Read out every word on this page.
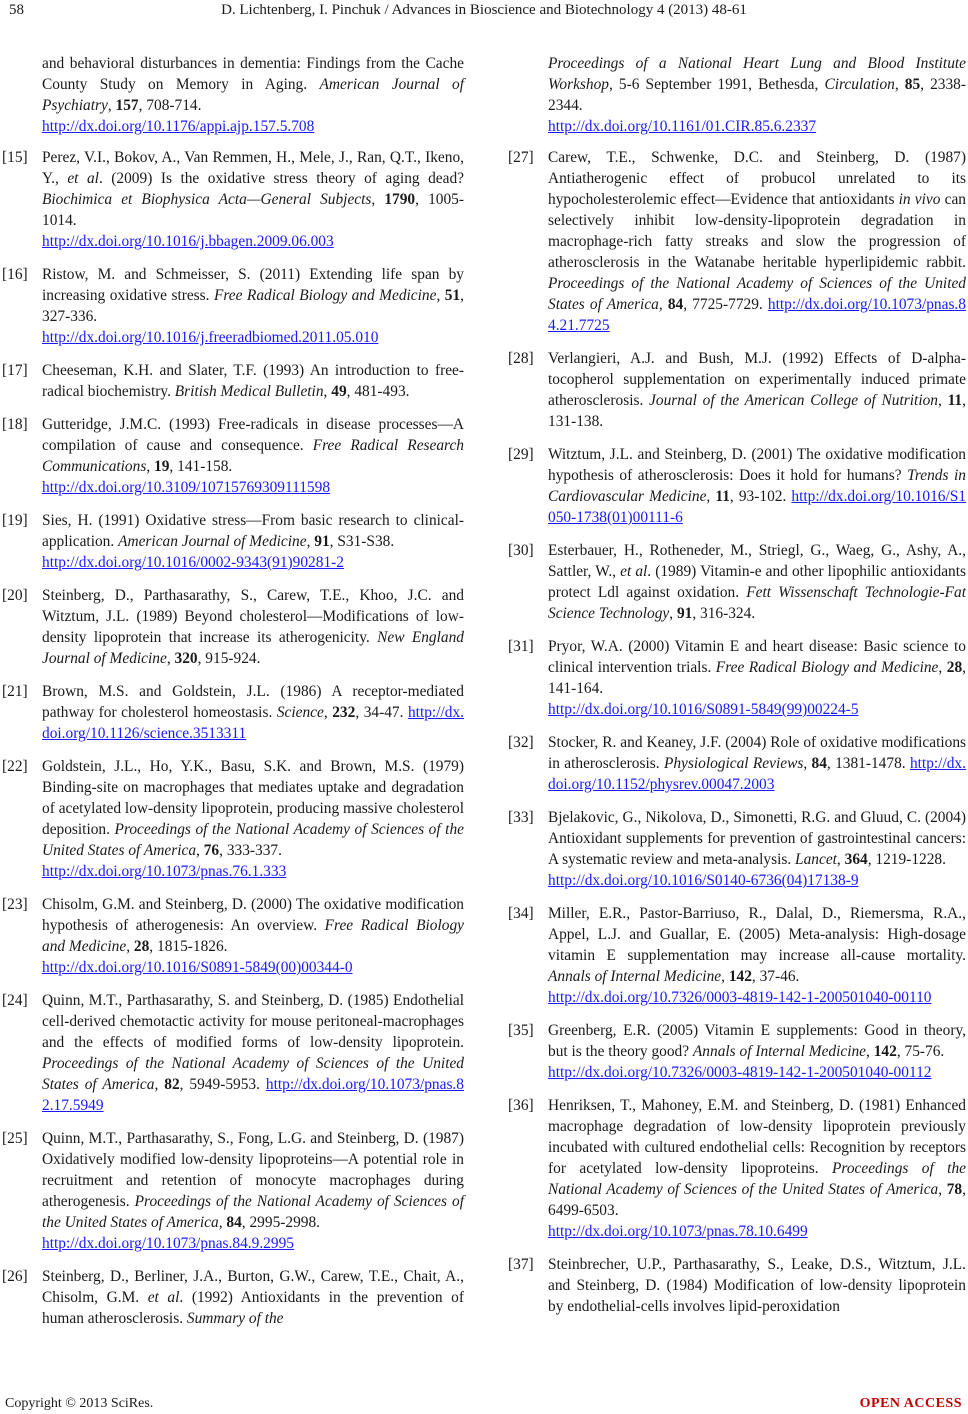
58	D. Lichtenberg, I. Pinchuk / Advances in Bioscience and Biotechnology 4 (2013) 48-61

and behavioral disturbances in dementia: Findings from the Cache County Study on Memory in Aging. American Journal of Psychiatry, 157, 708-714.
http://dx.doi.org/10.1176/appi.ajp.157.5.708

[15] Perez, V.I., Bokov, A., Van Remmen, H., Mele, J., Ran, Q.T., Ikeno, Y., et al. (2009) Is the oxidative stress theory of aging dead? Biochimica et Biophysica Acta—General Subjects, 1790, 1005-1014.
http://dx.doi.org/10.1016/j.bbagen.2009.06.003

[16] Ristow, M. and Schmeisser, S. (2011) Extending life span by increasing oxidative stress. Free Radical Biology and Medicine, 51, 327-336.
http://dx.doi.org/10.1016/j.freeradbiomed.2011.05.010

[17] Cheeseman, K.H. and Slater, T.F. (1993) An introduction to free-radical biochemistry. British Medical Bulletin, 49, 481-493.

[18] Gutteridge, J.M.C. (1993) Free-radicals in disease processes—A compilation of cause and consequence. Free Radical Research Communications, 19, 141-158.
http://dx.doi.org/10.3109/10715769309111598

[19] Sies, H. (1991) Oxidative stress—From basic research to clinical-application. American Journal of Medicine, 91, S31-S38.
http://dx.doi.org/10.1016/0002-9343(91)90281-2

[20] Steinberg, D., Parthasarathy, S., Carew, T.E., Khoo, J.C. and Witztum, J.L. (1989) Beyond cholesterol—Modifications of low-density lipoprotein that increase its atherogenicity. New England Journal of Medicine, 320, 915-924.

[21] Brown, M.S. and Goldstein, J.L. (1986) A receptor-mediated pathway for cholesterol homeostasis. Science, 232, 34-47. http://dx.doi.org/10.1126/science.3513311

[22] Goldstein, J.L., Ho, Y.K., Basu, S.K. and Brown, M.S. (1979) Binding-site on macrophages that mediates uptake and degradation of acetylated low-density lipoprotein, producing massive cholesterol deposition. Proceedings of the National Academy of Sciences of the United States of America, 76, 333-337.
http://dx.doi.org/10.1073/pnas.76.1.333

[23] Chisolm, G.M. and Steinberg, D. (2000) The oxidative modification hypothesis of atherogenesis: An overview. Free Radical Biology and Medicine, 28, 1815-1826.
http://dx.doi.org/10.1016/S0891-5849(00)00344-0

[24] Quinn, M.T., Parthasarathy, S. and Steinberg, D. (1985) Endothelial cell-derived chemotactic activity for mouse peritoneal-macrophages and the effects of modified forms of low-density lipoprotein. Proceedings of the National Academy of Sciences of the United States of America, 82, 5949-5953. http://dx.doi.org/10.1073/pnas.82.17.5949

[25] Quinn, M.T., Parthasarathy, S., Fong, L.G. and Steinberg, D. (1987) Oxidatively modified low-density lipoproteins—A potential role in recruitment and retention of monocyte macrophages during atherogenesis. Proceedings of the National Academy of Sciences of the United States of America, 84, 2995-2998.
http://dx.doi.org/10.1073/pnas.84.9.2995

[26] Steinberg, D., Berliner, J.A., Burton, G.W., Carew, T.E., Chait, A., Chisolm, G.M. et al. (1992) Antioxidants in the prevention of human atherosclerosis. Summary of the

Proceedings of a National Heart Lung and Blood Institute Workshop, 5-6 September 1991, Bethesda, Circulation, 85, 2338-2344.
http://dx.doi.org/10.1161/01.CIR.85.6.2337

[27] Carew, T.E., Schwenke, D.C. and Steinberg, D. (1987) Antiatherogenic effect of probucol unrelated to its hypocholesterolemic effect—Evidence that antioxidants in vivo can selectively inhibit low-density-lipoprotein degradation in macrophage-rich fatty streaks and slow the progression of atherosclerosis in the Watanabe heritable hyperlipidemic rabbit. Proceedings of the National Academy of Sciences of the United States of America, 84, 7725-7729. http://dx.doi.org/10.1073/pnas.84.21.7725

[28] Verlangieri, A.J. and Bush, M.J. (1992) Effects of D-alpha-tocopherol supplementation on experimentally induced primate atherosclerosis. Journal of the American College of Nutrition, 11, 131-138.

[29] Witztum, J.L. and Steinberg, D. (2001) The oxidative modification hypothesis of atherosclerosis: Does it hold for humans? Trends in Cardiovascular Medicine, 11, 93-102. http://dx.doi.org/10.1016/S1050-1738(01)00111-6

[30] Esterbauer, H., Rotheneder, M., Striegl, G., Waeg, G., Ashy, A., Sattler, W., et al. (1989) Vitamin-e and other lipophilic antioxidants protect Ldl against oxidation. Fett Wissenschaft Technologie-Fat Science Technology, 91, 316-324.

[31] Pryor, W.A. (2000) Vitamin E and heart disease: Basic science to clinical intervention trials. Free Radical Biology and Medicine, 28, 141-164.
http://dx.doi.org/10.1016/S0891-5849(99)00224-5

[32] Stocker, R. and Keaney, J.F. (2004) Role of oxidative modifications in atherosclerosis. Physiological Reviews, 84, 1381-1478. http://dx.doi.org/10.1152/physrev.00047.2003

[33] Bjelakovic, G., Nikolova, D., Simonetti, R.G. and Gluud, C. (2004) Antioxidant supplements for prevention of gastrointestinal cancers: A systematic review and meta-analysis. Lancet, 364, 1219-1228.
http://dx.doi.org/10.1016/S0140-6736(04)17138-9

[34] Miller, E.R., Pastor-Barriuso, R., Dalal, D., Riemersma, R.A., Appel, L.J. and Guallar, E. (2005) Meta-analysis: High-dosage vitamin E supplementation may increase all-cause mortality. Annals of Internal Medicine, 142, 37-46.
http://dx.doi.org/10.7326/0003-4819-142-1-200501040-00110

[35] Greenberg, E.R. (2005) Vitamin E supplements: Good in theory, but is the theory good? Annals of Internal Medicine, 142, 75-76.
http://dx.doi.org/10.7326/0003-4819-142-1-200501040-00112

[36] Henriksen, T., Mahoney, E.M. and Steinberg, D. (1981) Enhanced macrophage degradation of low-density lipoprotein previously incubated with cultured endothelial cells: Recognition by receptors for acetylated low-density lipoproteins. Proceedings of the National Academy of Sciences of the United States of America, 78, 6499-6503.
http://dx.doi.org/10.1073/pnas.78.10.6499

[37] Steinbrecher, U.P., Parthasarathy, S., Leake, D.S., Witztum, J.L. and Steinberg, D. (1984) Modification of low-density lipoprotein by endothelial-cells involves lipid-peroxidation

Copyright © 2013 SciRes.	OPEN ACCESS
